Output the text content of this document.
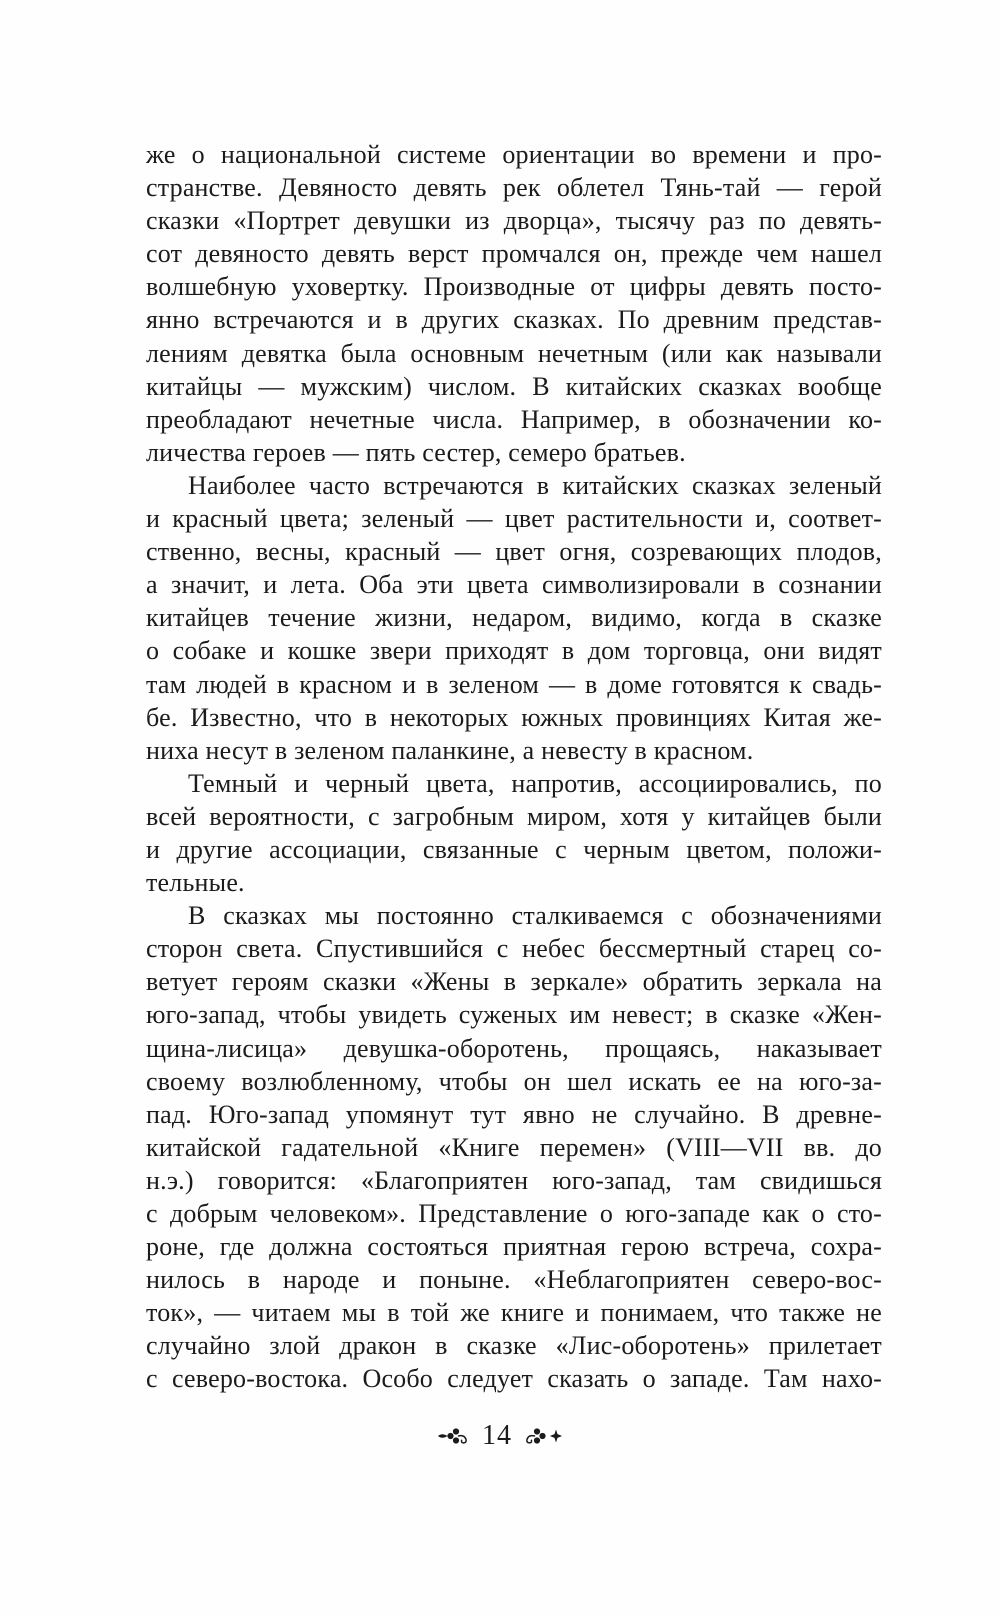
же о национальной системе ориентации во времени и про-
странстве. Девяносто девять рек облетел Тянь-тай — герой
сказки «Портрет девушки из дворца», тысячу раз по девять-
сот девяносто девять верст промчался он, прежде чем нашел
волшебную уховертку. Производные от цифры девять посто-
янно встречаются и в других сказках. По древним представ-
лениям девятка была основным нечетным (или как называли
китайцы — мужским) числом. В китайских сказках вообще
преобладают нечетные числа. Например, в обозначении ко-
личества героев — пять сестер, семеро братьев.
Наиболее часто встречаются в китайских сказках зеленый
и красный цвета; зеленый — цвет растительности и, соответ-
ственно, весны, красный — цвет огня, созревающих плодов,
а значит, и лета. Оба эти цвета символизировали в сознании
китайцев течение жизни, недаром, видимо, когда в сказке
о собаке и кошке звери приходят в дом торговца, они видят
там людей в красном и в зеленом — в доме готовятся к свадь-
бе. Известно, что в некоторых южных провинциях Китая же-
ниха несут в зеленом паланкине, а невесту в красном.
Темный и черный цвета, напротив, ассоциировались, по
всей вероятности, с загробным миром, хотя у китайцев были
и другие ассоциации, связанные с черным цветом, положи-
тельные.
В сказках мы постоянно сталкиваемся с обозначениями
сторон света. Спустившийся с небес бессмертный старец со-
ветует героям сказки «Жены в зеркале» обратить зеркала на
юго-запад, чтобы увидеть суженых им невест; в сказке «Жен-
щина-лисица» девушка-оборотень, прощаясь, наказывает
своему возлюбленному, чтобы он шел искать ее на юго-за-
пад. Юго-запад упомянут тут явно не случайно. В древне-
китайской гадательной «Книге перемен» (VIII—VII вв. до
н.э.) говорится: «Благоприятен юго-запад, там свидишься
с добрым человеком». Представление о юго-западе как о сто-
роне, где должна состояться приятная герою встреча, сохра-
нилось в народе и поныне. «Неблагоприятен северо-вос-
ток», — читаем мы в той же книге и понимаем, что также не
случайно злой дракон в сказке «Лис-оборотень» прилетает
с северо-востока. Особо следует сказать о западе. Там нахо-
14
